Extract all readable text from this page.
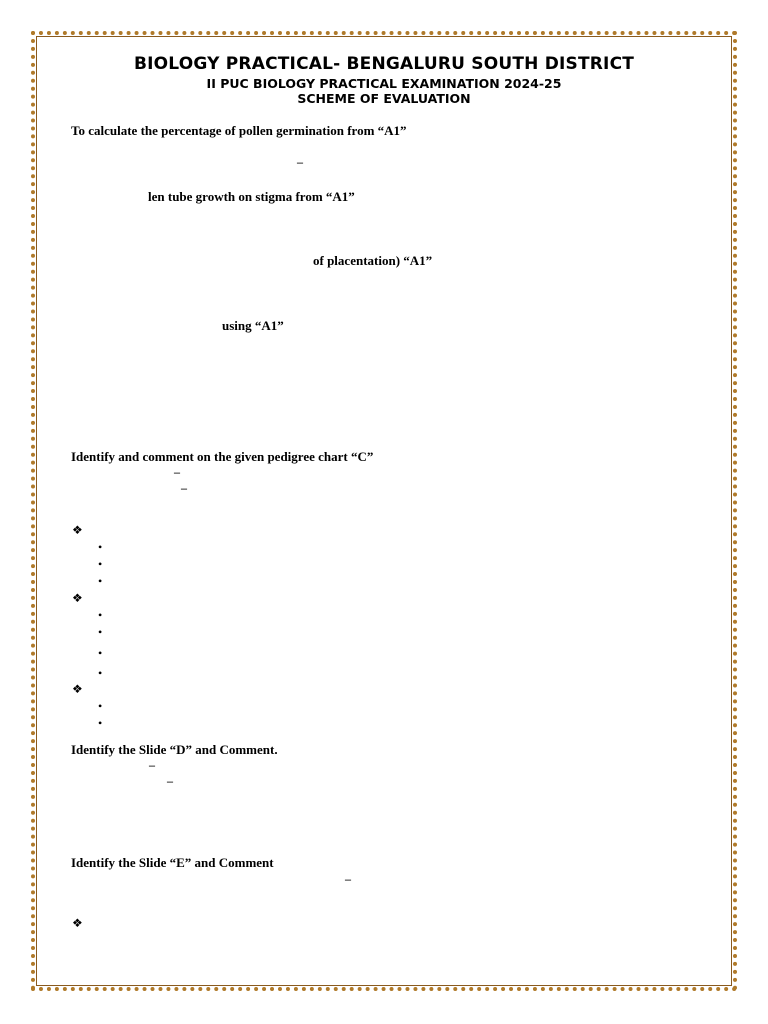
BIOLOGY PRACTICAL- BENGALURU SOUTH DISTRICT
II PUC BIOLOGY PRACTICAL EXAMINATION 2024-25
SCHEME OF EVALUATION
To calculate the percentage of pollen germination from “A1”
–
len tube growth on stigma from “A1”
of placentation) “A1”
using “A1”
Identify and comment on the given pedigree chart “C”
–
–
❖
•
•
•
❖
•
•
•
•
❖
•
•
Identify the Slide “D” and Comment.
–
–
Identify the Slide “E” and Comment
–
❖
